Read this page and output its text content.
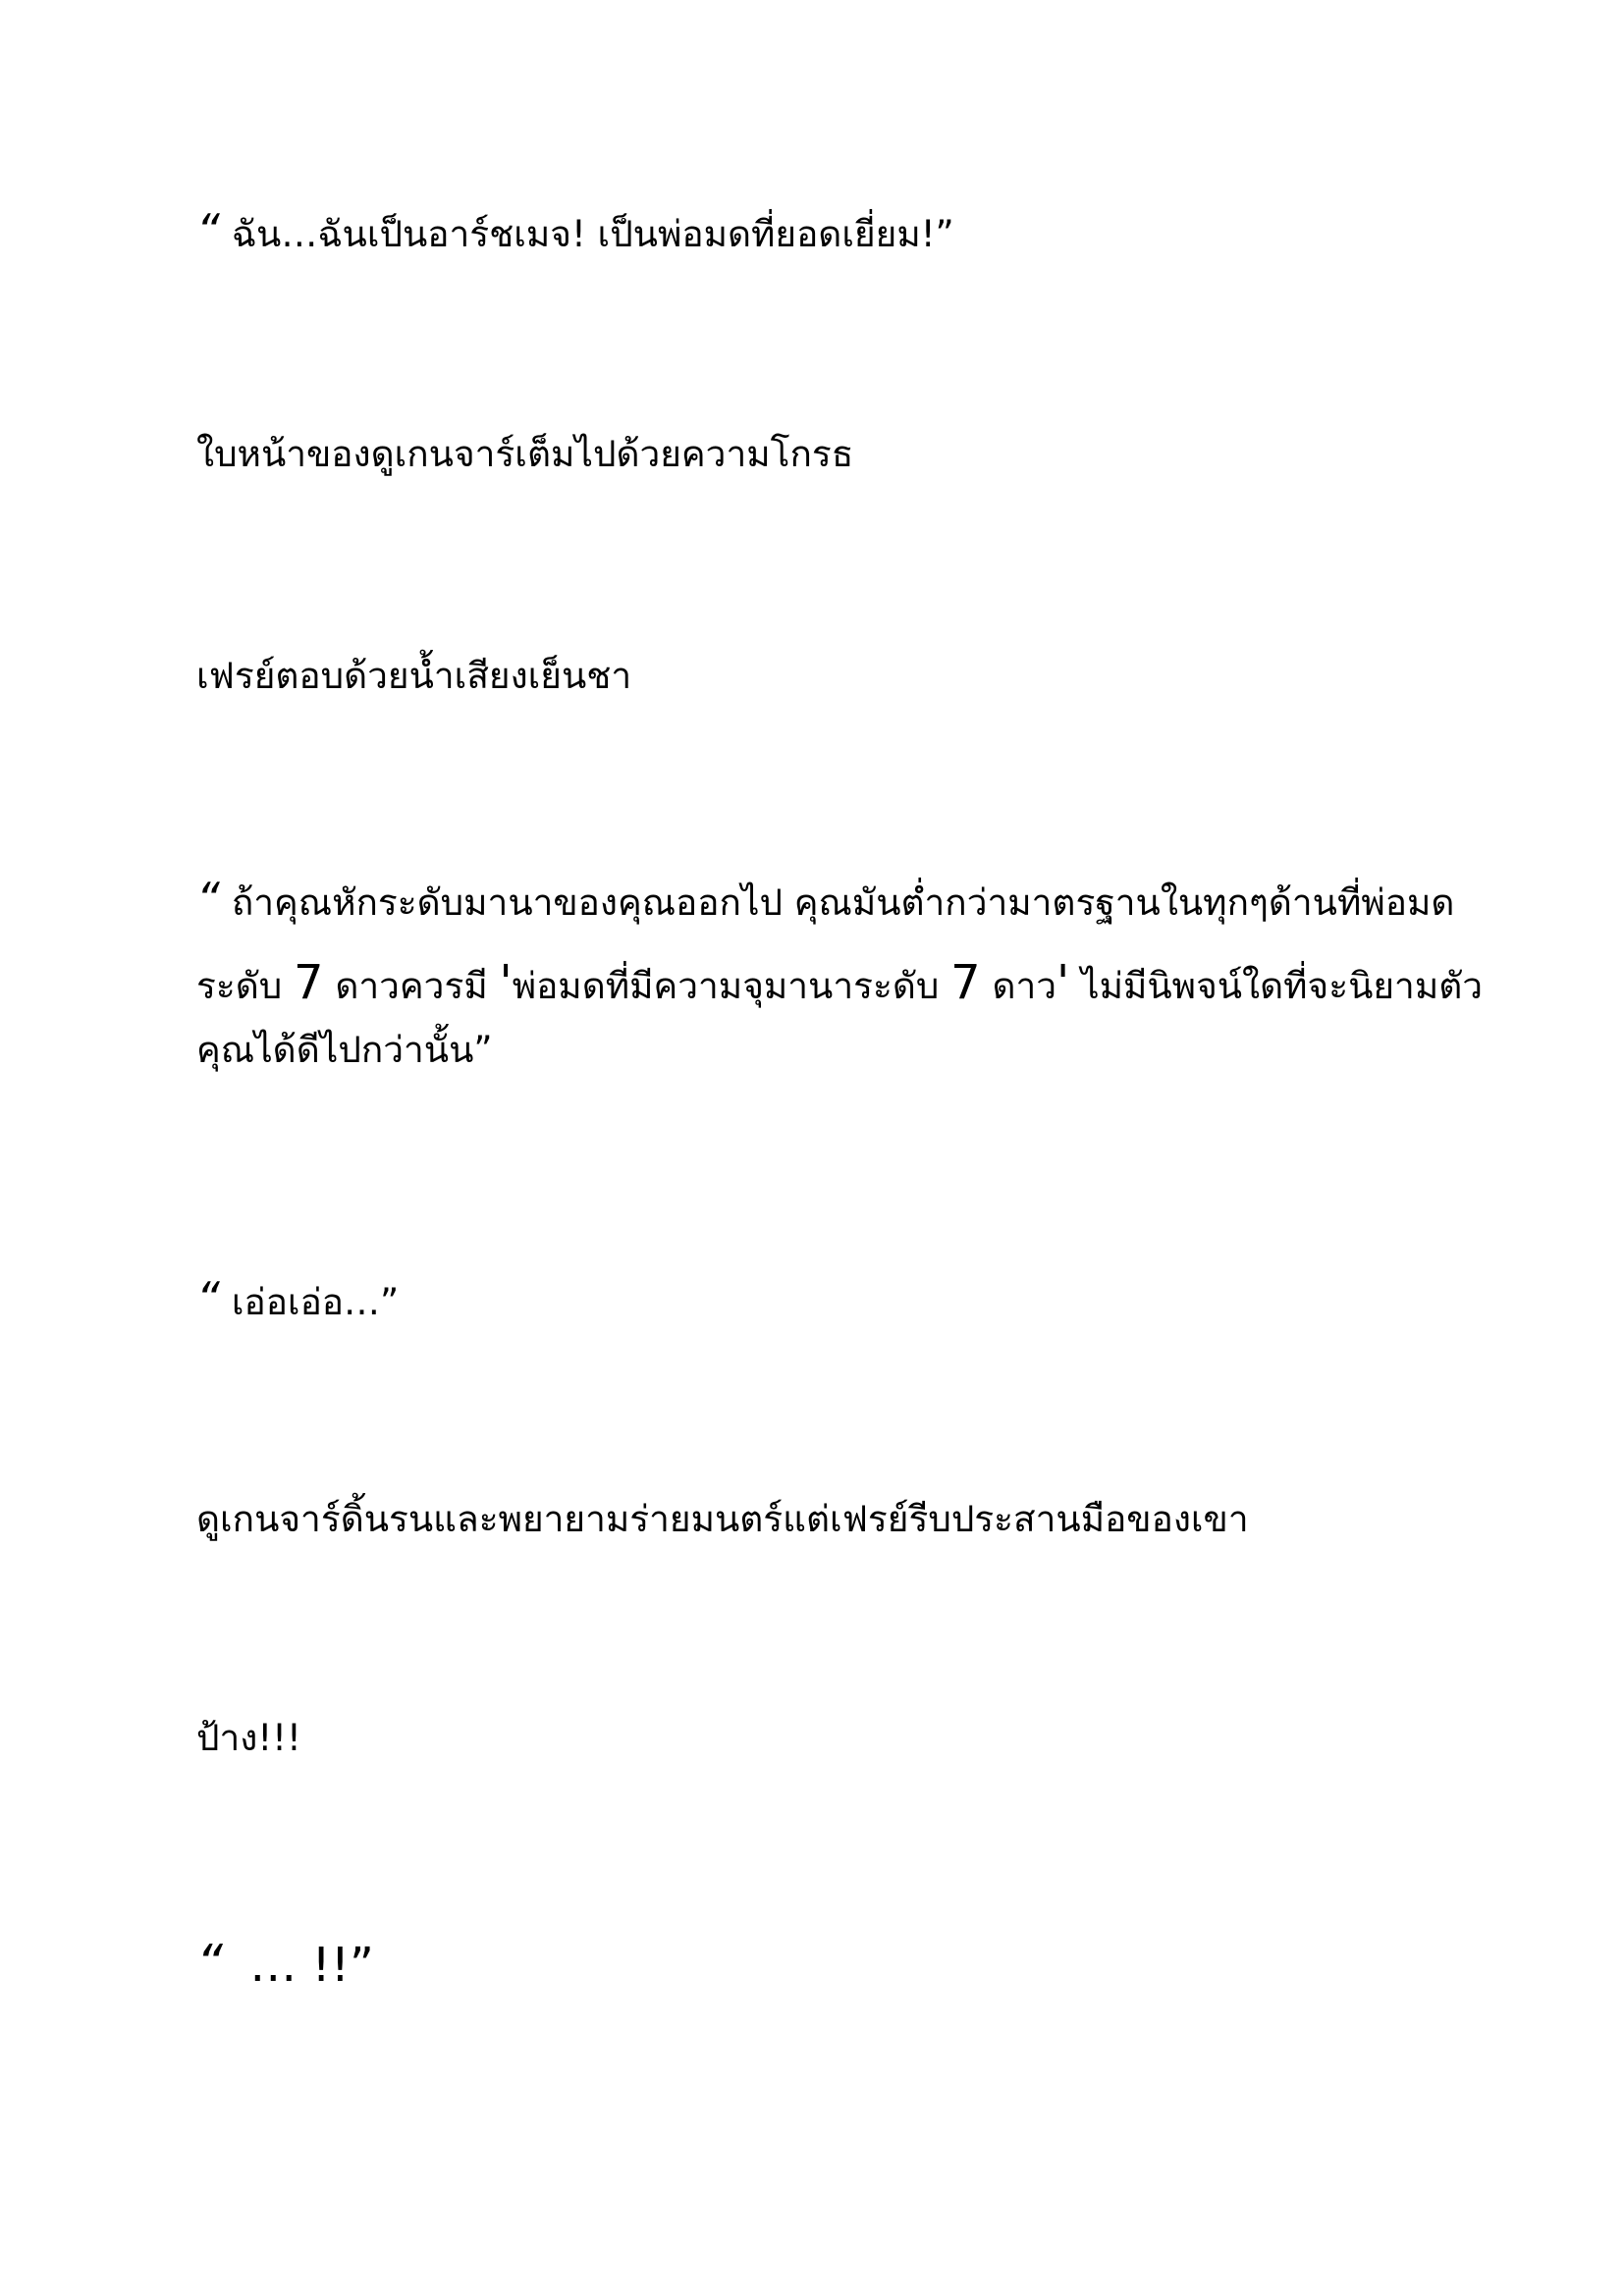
“ ฉัน…ฉันเป็นอาร์ชเมจ! เป็นพ่อมดที่ยอดเยี่ยม!”
ใบหน้าของดูเกนจาร์เต็มไปด้วยความโกรธ
เฟรย์ตอบด้วยน้ำเสียงเย็นชา
“ ถ้าคุณหักระดับมานาของคุณออกไป คุณมันต่ำกว่ามาตรฐานในทุกๆด้านที่พ่อมด
ระดับ 7 ดาวควรมี 'พ่อมดที่มีความจุมานาระดับ 7 ดาว' ไม่มีนิพจน์ใดที่จะนิยามตัว
คุณได้ดีไปกว่านั้น”
“ เอ่อเอ่อ…”
ดูเกนจาร์ดิ้นรนและพยายามร่ายมนตร์แต่เฟรย์รีบประสานมือของเขา
ป้าง!!!
“ … !!”
